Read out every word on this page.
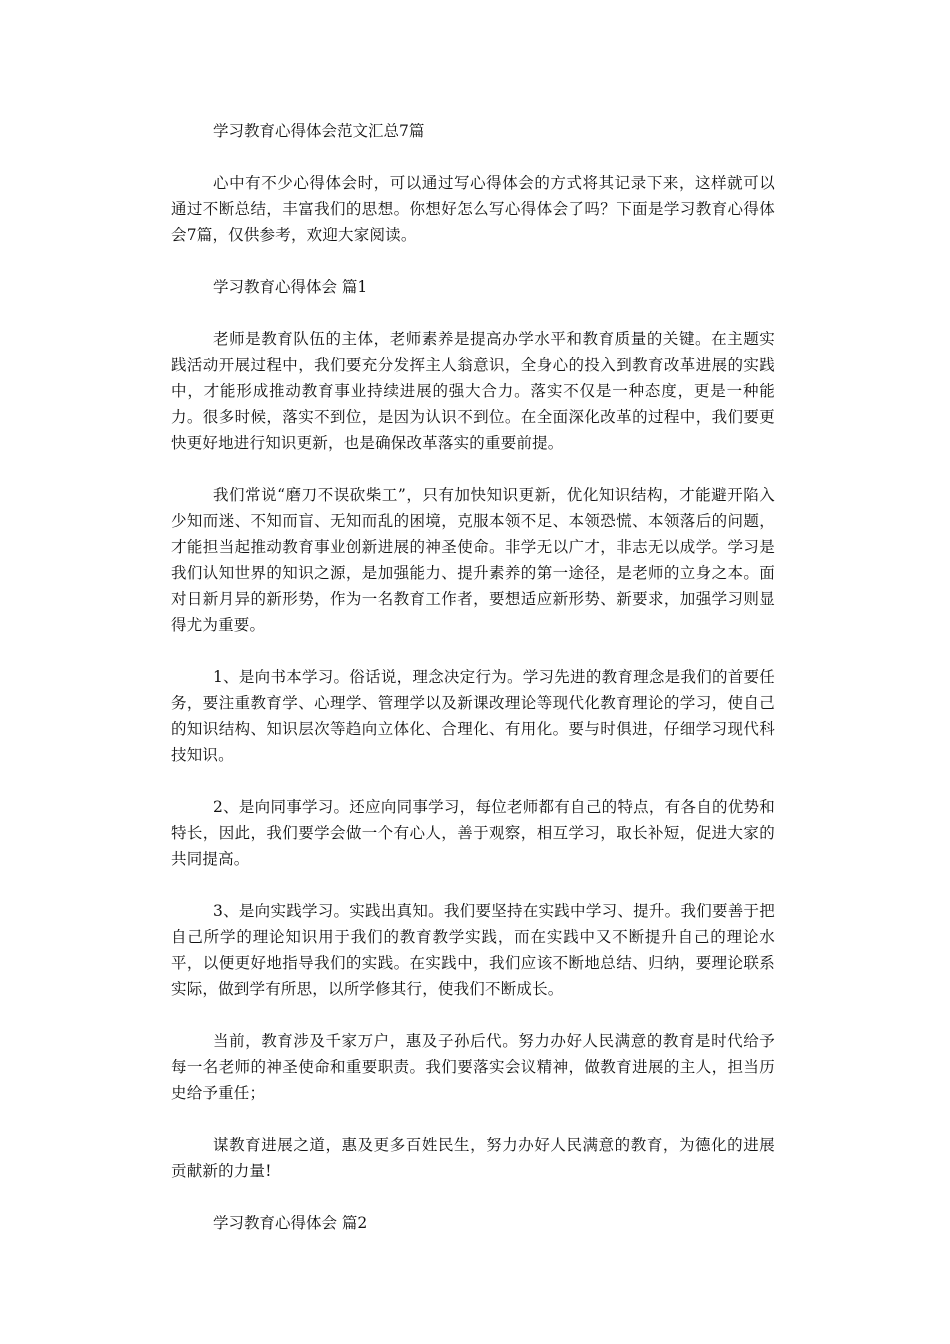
学习教育心得体会范文汇总7篇
心中有不少心得体会时，可以通过写心得体会的方式将其记录下来，这样就可以通过不断总结，丰富我们的思想。你想好怎么写心得体会了吗？下面是学习教育心得体会7篇，仅供参考，欢迎大家阅读。
学习教育心得体会 篇1
老师是教育队伍的主体，老师素养是提高办学水平和教育质量的关键。在主题实践活动开展过程中，我们要充分发挥主人翁意识，全身心的投入到教育改革进展的实践中，才能形成推动教育事业持续进展的强大合力。落实不仅是一种态度，更是一种能力。很多时候，落实不到位，是因为认识不到位。在全面深化改革的过程中，我们要更快更好地进行知识更新，也是确保改革落实的重要前提。
我们常说“磨刀不误砍柴工”，只有加快知识更新，优化知识结构，才能避开陷入少知而迷、不知而盲、无知而乱的困境，克服本领不足、本领恐慌、本领落后的问题，才能担当起推动教育事业创新进展的神圣使命。非学无以广才，非志无以成学。学习是我们认知世界的知识之源，是加强能力、提升素养的第一途径，是老师的立身之本。面对日新月异的新形势，作为一名教育工作者，要想适应新形势、新要求，加强学习则显得尤为重要。
1、是向书本学习。俗话说，理念决定行为。学习先进的教育理念是我们的首要任务，要注重教育学、心理学、管理学以及新课改理论等现代化教育理论的学习，使自己的知识结构、知识层次等趋向立体化、合理化、有用化。要与时俱进，仔细学习现代科技知识。
2、是向同事学习。还应向同事学习，每位老师都有自己的特点，有各自的优势和特长，因此，我们要学会做一个有心人，善于观察，相互学习，取长补短，促进大家的共同提高。
3、是向实践学习。实践出真知。我们要坚持在实践中学习、提升。我们要善于把自己所学的理论知识用于我们的教育教学实践，而在实践中又不断提升自己的理论水平，以便更好地指导我们的实践。在实践中，我们应该不断地总结、归纳，要理论联系实际，做到学有所思，以所学修其行，使我们不断成长。
当前，教育涉及千家万户，惠及子孙后代。努力办好人民满意的教育是时代给予每一名老师的神圣使命和重要职责。我们要落实会议精神，做教育进展的主人，担当历史给予重任；
谋教育进展之道，惠及更多百姓民生，努力办好人民满意的教育，为德化的进展贡献新的力量!
学习教育心得体会 篇2
